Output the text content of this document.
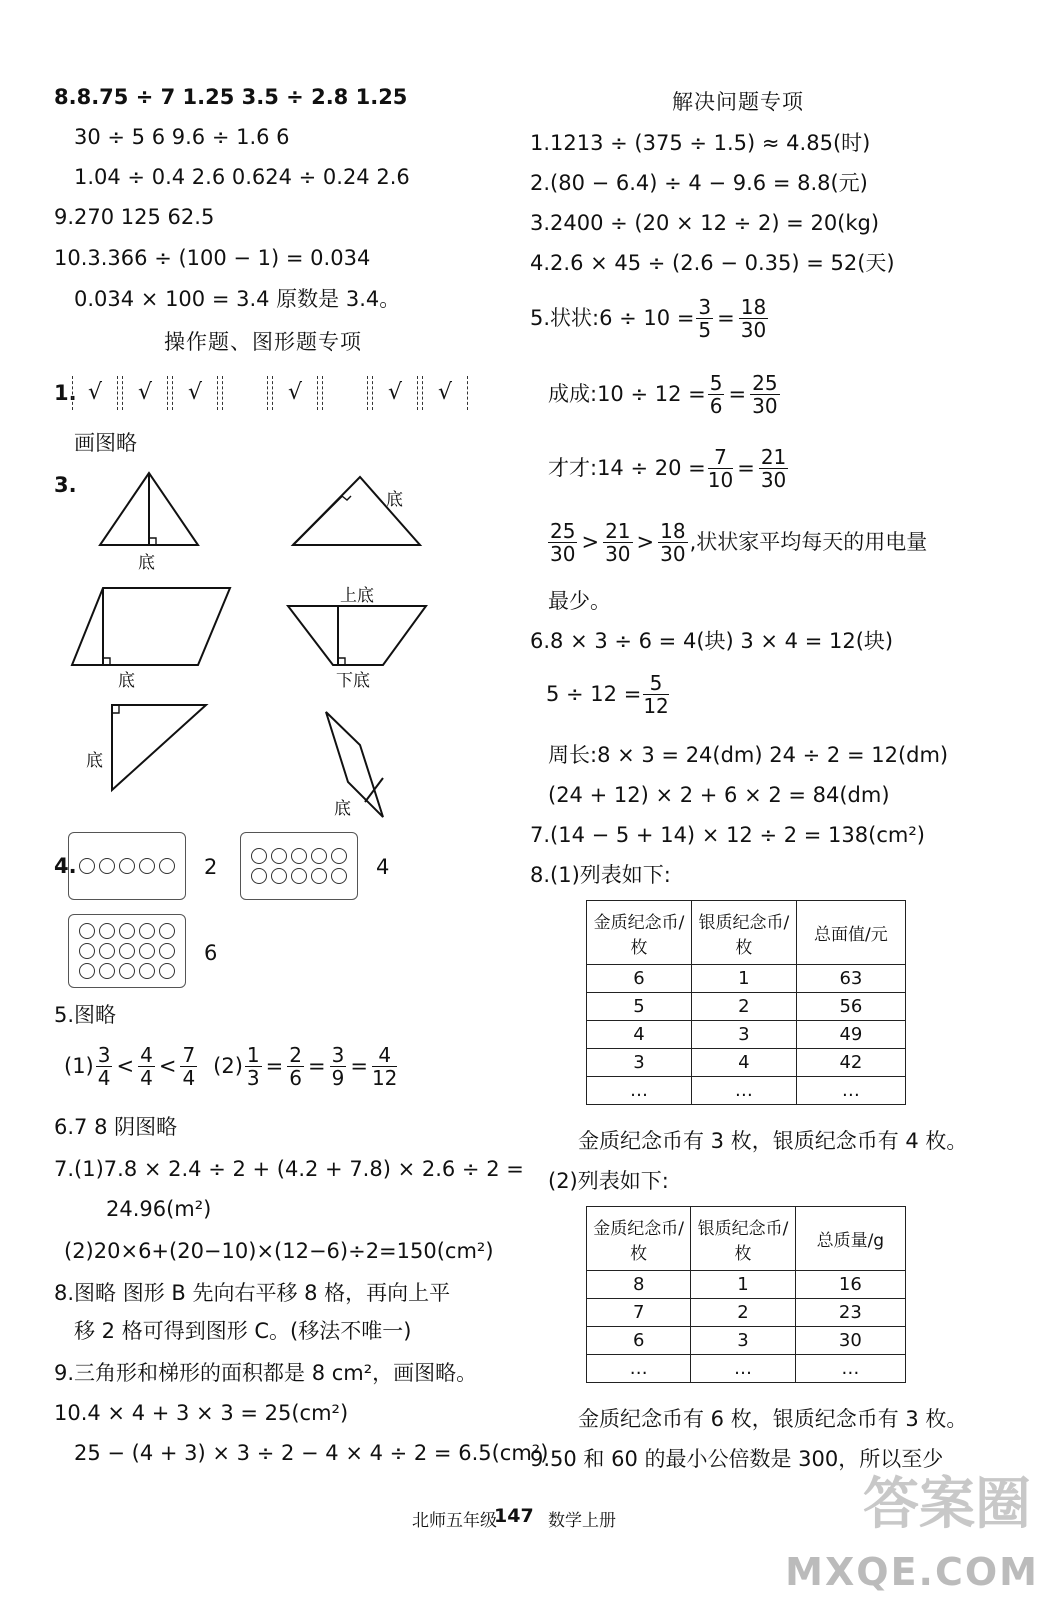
8.8.75 ÷ 7 1.25 3.5 ÷ 2.8 1.25
30 ÷ 5 6 9.6 ÷ 1.6 6
1.04 ÷ 0.4 2.6 0.624 ÷ 0.24 2.6
9.270 125 62.5
10.3.366 ÷ (100 − 1) = 0.034
0.034 × 100 = 3.4 原数是 3.4。
操作题、图形题专项
1. √	√	√	√	√	√
画图略
3.
底
底
上底
底	下底
底
底
4.	2	4
6
5.图略
$(1) \frac{3}{4} < \frac{4}{4} < \frac{7}{4} (2) \frac{1}{3} = \frac{2}{6} = \frac{3}{9} = \frac{4}{12}$
6.7 8 阴图略
7.(1)7.8 × 2.4 ÷ 2 + (4.2 + 7.8) × 2.6 ÷ 2 =
24.96(m²)
(2)20×6+(20−10)×(12−6)÷2=150(cm²)
8.图略 图形 B 先向右平移 8 格，再向上平
移 2 格可得到图形 C。(移法不唯一)
9.三角形和梯形的面积都是 8 cm²，画图略。
10.4 × 4 + 3 × 3 = 25(cm²)
25 − (4 + 3) × 3 ÷ 2 − 4 × 4 ÷ 2 = 6.5(cm²)
解决问题专项
1.1213 ÷ (375 ÷ 1.5) ≈ 4.85(时)
2.(80 − 6.4) ÷ 4 − 9.6 = 8.8(元)
3.2400 ÷ (20 × 12 ÷ 2) = 20(kg)
4.2.6 × 45 ÷ (2.6 − 0.35) = 52(天)
5.状状:6 ÷ $10 = \frac{3}{5} = \frac{18}{30}$
成成:10 ÷ $12 = \frac{5}{6} = \frac{25}{30}$
才才:14 ÷ $20 = \frac{7}{10} = \frac{21}{30}$
$\frac{25}{30} > \frac{21}{30} > \frac{18}{30}$ ,状状家平均每天的用电量
最少。
6.8 × 3 ÷ 6 = 4(块) 3 × 4 = 12(块)
$5 \div 12 = \frac{5}{12}$
周长:8 × 3 = 24(dm) 24 ÷ 2 = 12(dm)
(24 + 12) × 2 + 6 × 2 = 84(dm)
7.(14 − 5 + 14) × 12 ÷ 2 = 138(cm²)
8.(1)列表如下:
金质纪念币/枚	银质纪念币/枚	总面值/元
6	1	63
5	2	56
4	3	49
3	4	42
…	…	…
金质纪念币有 3 枚，银质纪念币有 4 枚。
(2)列表如下:
金质纪念币/枚	银质纪念币/枚	总质量/g
8	1	16
7	2	23
6	3	30
…	…	…
金质纪念币有 6 枚，银质纪念币有 3 枚。
9.50 和 60 的最小公倍数是 300，所以至少
北师五年级
147 数学上册	答案圈
MXQE.COM
